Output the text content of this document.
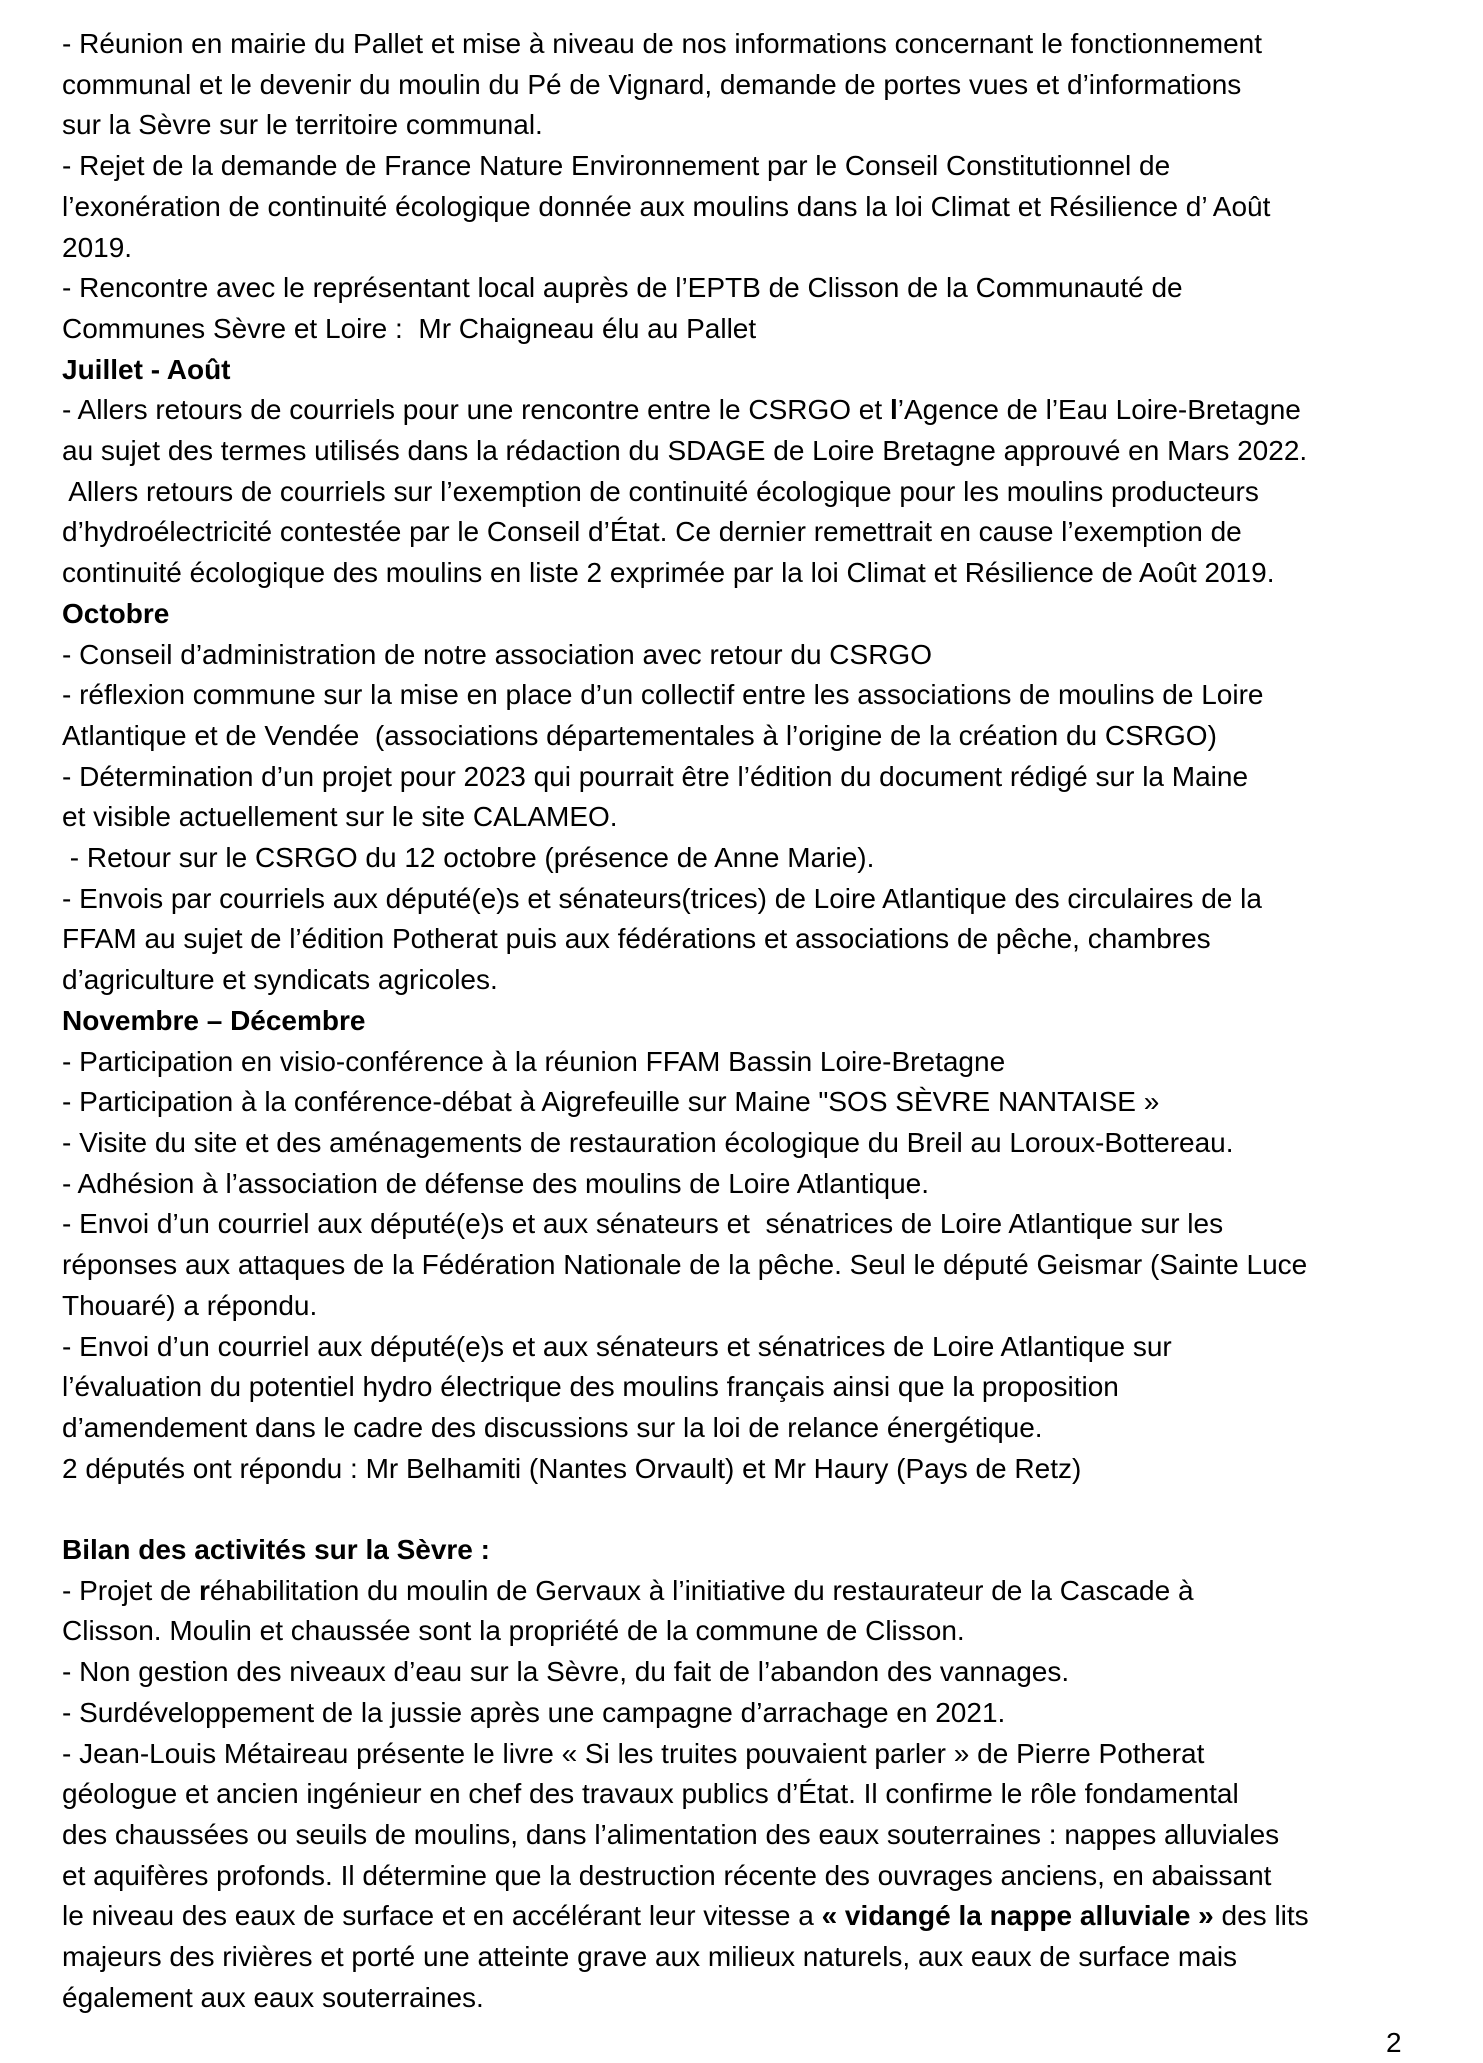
- Réunion en mairie du Pallet et mise à niveau de nos informations concernant le fonctionnement
communal et le devenir du moulin du Pé de Vignard, demande de portes vues et d’informations
sur la Sèvre sur le territoire communal.
- Rejet de la demande de France Nature Environnement par le Conseil Constitutionnel de
l’exonération de continuité écologique donnée aux moulins dans la loi Climat et Résilience d’ Août
2019.
- Rencontre avec le représentant local auprès de l’EPTB de Clisson de la Communauté de
Communes Sèvre et Loire :  Mr Chaigneau élu au Pallet
Juillet - Août
- Allers retours de courriels pour une rencontre entre le CSRGO et l’Agence de l’Eau Loire-Bretagne
au sujet des termes utilisés dans la rédaction du SDAGE de Loire Bretagne approuvé en Mars 2022.
Allers retours de courriels sur l’exemption de continuité écologique pour les moulins producteurs
d’hydroélectricité contestée par le Conseil d’État. Ce dernier remettrait en cause l’exemption de
continuité écologique des moulins en liste 2 exprimée par la loi Climat et Résilience de Août 2019.
Octobre
- Conseil d’administration de notre association avec retour du CSRGO
- réflexion commune sur la mise en place d’un collectif entre les associations de moulins de Loire
Atlantique et de Vendée  (associations départementales à l’origine de la création du CSRGO)
- Détermination d’un projet pour 2023 qui pourrait être l’édition du document rédigé sur la Maine
et visible actuellement sur le site CALAMEO.
- Retour sur le CSRGO du 12 octobre (présence de Anne Marie).
- Envois par courriels aux député(e)s et sénateurs(trices) de Loire Atlantique des circulaires de la
FFAM au sujet de l’édition Potherat puis aux fédérations et associations de pêche, chambres
d’agriculture et syndicats agricoles.
Novembre – Décembre
- Participation en visio-conférence à la réunion FFAM Bassin Loire-Bretagne
- Participation à la conférence-débat à Aigrefeuille sur Maine "SOS SÈVRE NANTAISE »
- Visite du site et des aménagements de restauration écologique du Breil au Loroux-Bottereau.
- Adhésion à l’association de défense des moulins de Loire Atlantique.
- Envoi d’un courriel aux député(e)s et aux sénateurs et  sénatrices de Loire Atlantique sur les
réponses aux attaques de la Fédération Nationale de la pêche. Seul le député Geismar (Sainte Luce
Thouaré) a répondu.
- Envoi d’un courriel aux député(e)s et aux sénateurs et sénatrices de Loire Atlantique sur
l’évaluation du potentiel hydro électrique des moulins français ainsi que la proposition
d’amendement dans le cadre des discussions sur la loi de relance énergétique.
2 députés ont répondu : Mr Belhamiti (Nantes Orvault) et Mr Haury (Pays de Retz)

Bilan des activités sur la Sèvre :
- Projet de réhabilitation du moulin de Gervaux à l’initiative du restaurateur de la Cascade à
Clisson. Moulin et chaussée sont la propriété de la commune de Clisson.
- Non gestion des niveaux d’eau sur la Sèvre, du fait de l’abandon des vannages.
- Surdéveloppement de la jussie après une campagne d’arrachage en 2021.
- Jean-Louis Métaireau présente le livre « Si les truites pouvaient parler » de Pierre Potherat
géologue et ancien ingénieur en chef des travaux publics d’État. Il confirme le rôle fondamental
des chaussées ou seuils de moulins, dans l’alimentation des eaux souterraines : nappes alluviales
et aquifères profonds. Il détermine que la destruction récente des ouvrages anciens, en abaissant
le niveau des eaux de surface et en accélérant leur vitesse a « vidangé la nappe alluviale » des lits
majeurs des rivières et porté une atteinte grave aux milieux naturels, aux eaux de surface mais
également aux eaux souterraines.
2
